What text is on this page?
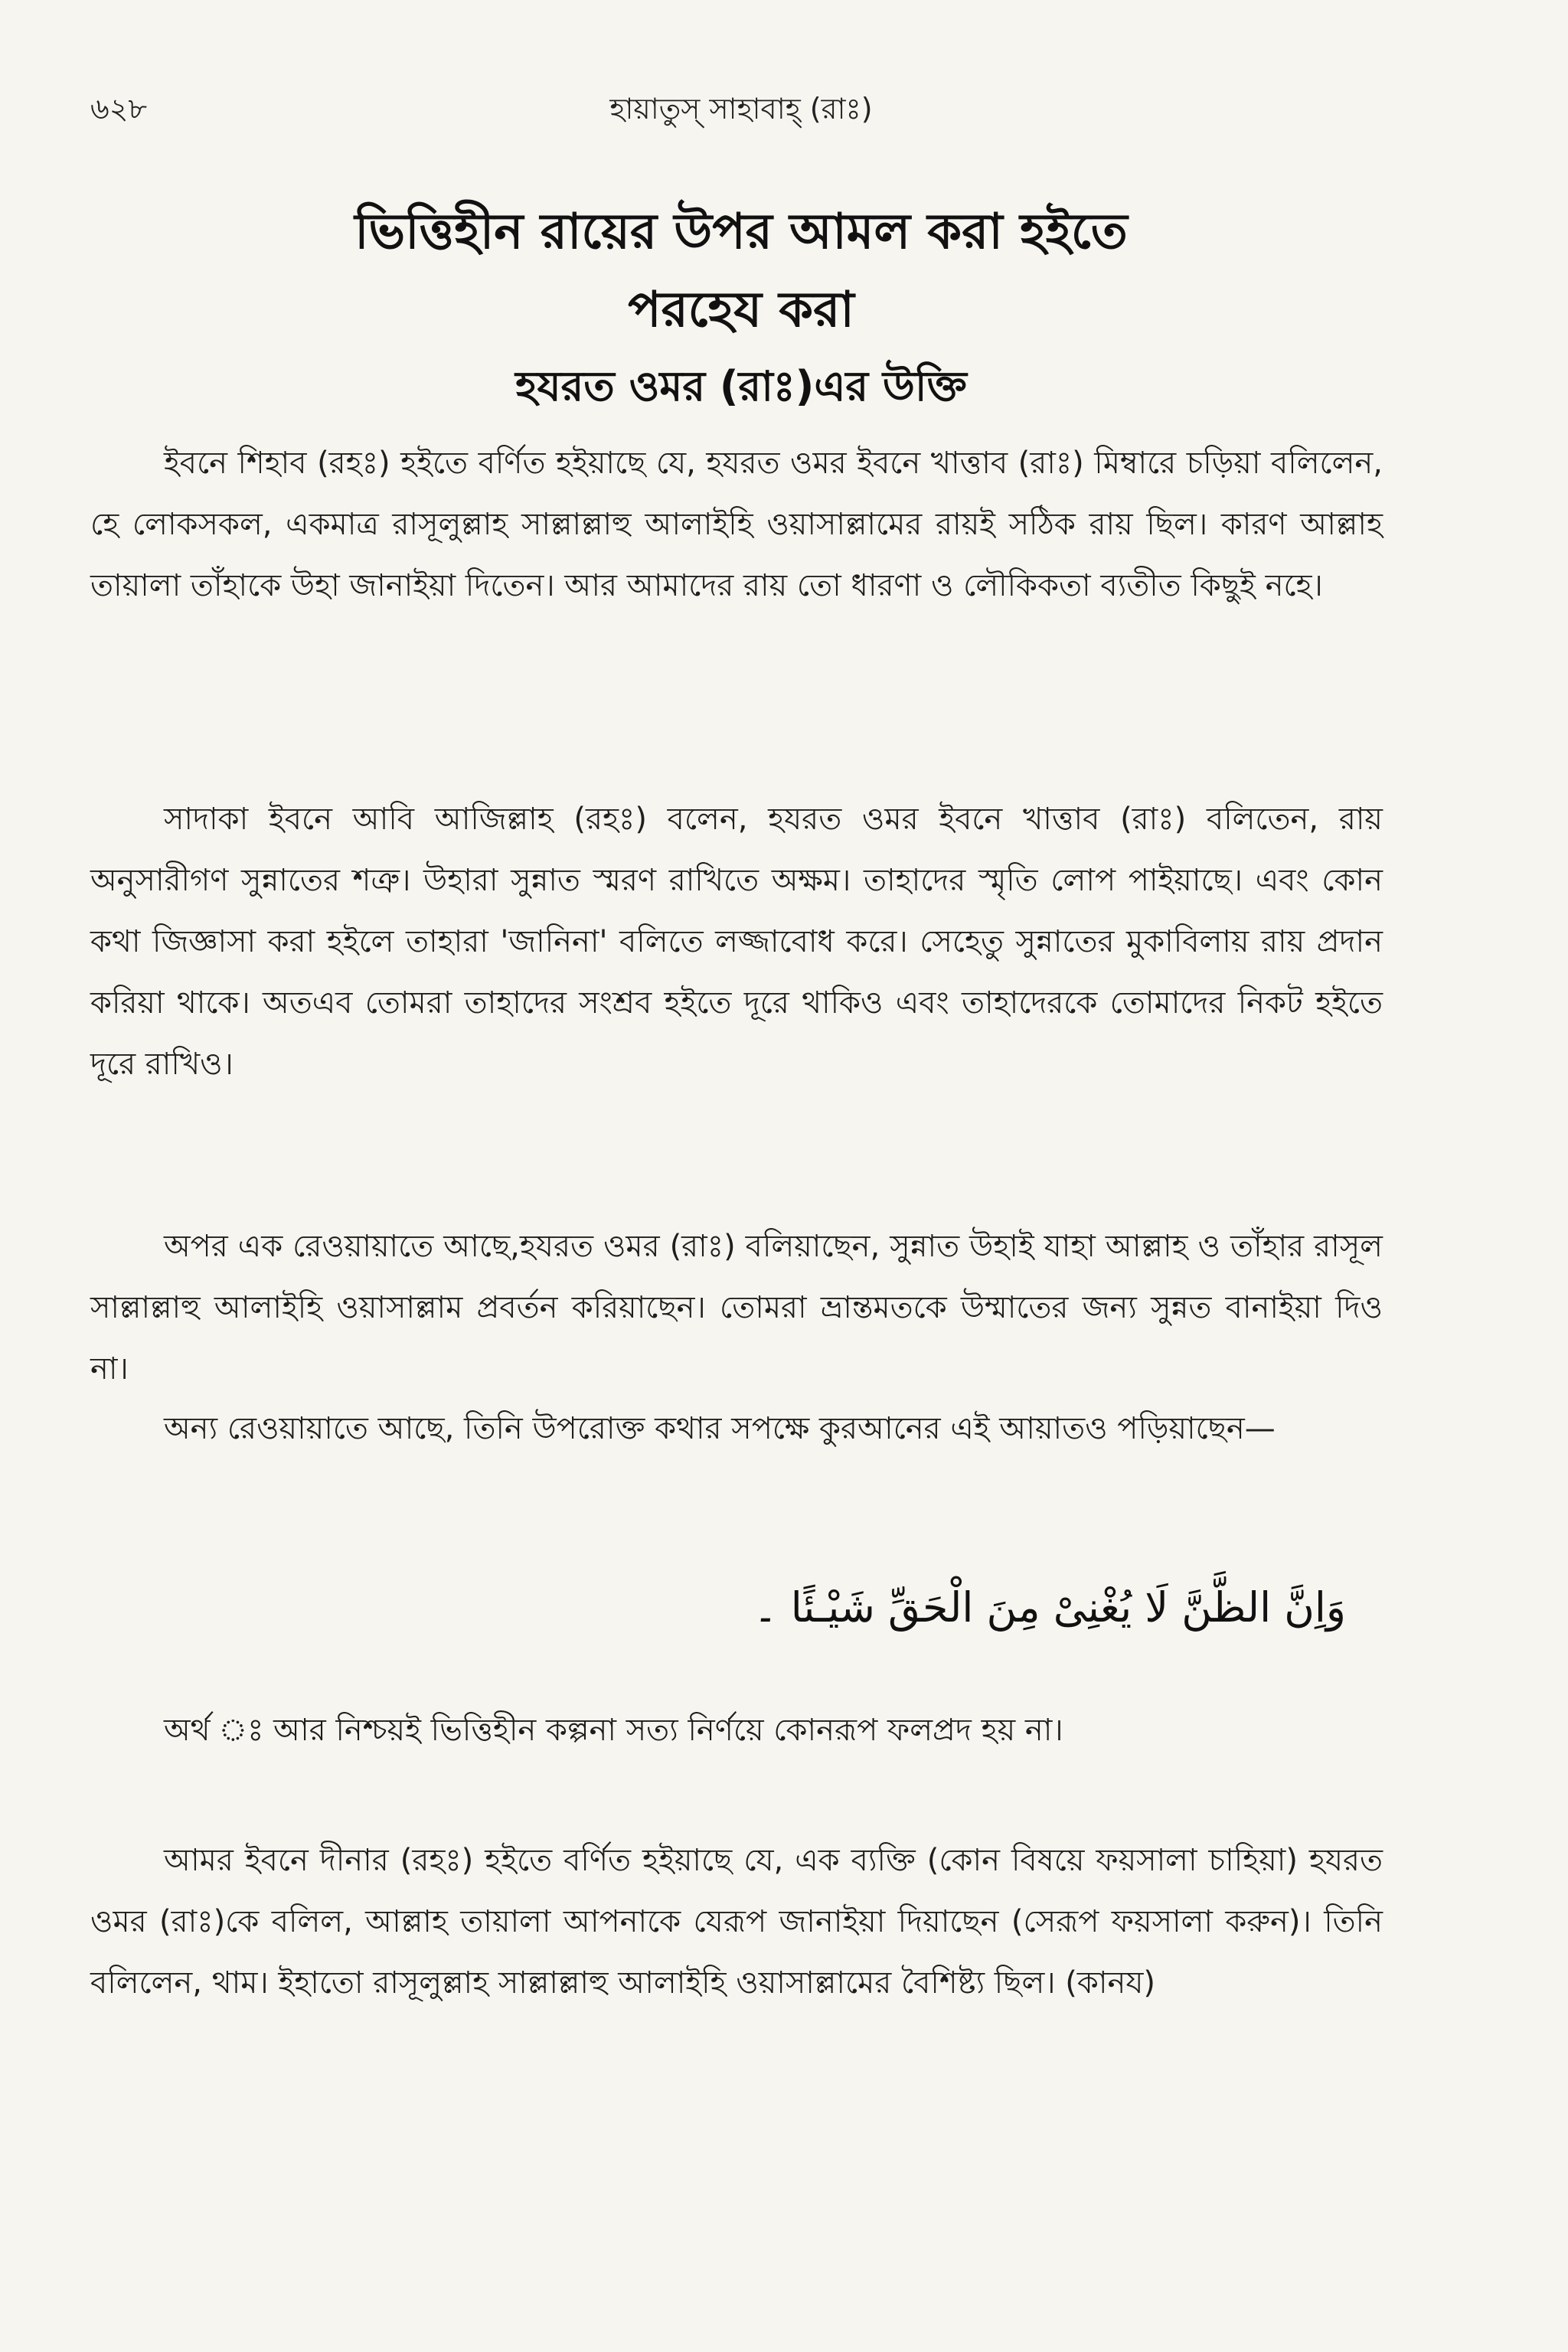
৬২৮	হায়াতুস্ সাহাবাহ্ (রাঃ)
ভিত্তিহীন রায়ের উপর আমল করা হইতে
পরহেয করা
হযরত ওমর (রাঃ)এর উক্তি

ইবনে শিহাব (রহঃ) হইতে বর্ণিত হইয়াছে যে, হযরত ওমর ইবনে খাত্তাব (রাঃ) মিম্বারে চড়িয়া বলিলেন, হে লোকসকল, একমাত্র রাসূলুল্লাহ সাল্লাল্লাহু আলাইহি ওয়াসাল্লামের রায়ই সঠিক রায় ছিল। কারণ আল্লাহ তায়ালা তাঁহাকে উহা জানাইয়া দিতেন। আর আমাদের রায় তো ধারণা ও লৌকিকতা ব্যতীত কিছুই নহে।

সাদাকা ইবনে আবি আজিল্লাহ (রহঃ) বলেন, হযরত ওমর ইবনে খাত্তাব (রাঃ) বলিতেন, রায় অনুসারীগণ সুন্নাতের শত্রু। উহারা সুন্নাত স্মরণ রাখিতে অক্ষম। তাহাদের স্মৃতি লোপ পাইয়াছে। এবং কোন কথা জিজ্ঞাসা করা হইলে তাহারা 'জানিনা' বলিতে লজ্জাবোধ করে। সেহেতু সুন্নাতের মুকাবিলায় রায় প্রদান করিয়া থাকে। অতএব তোমরা তাহাদের সংশ্রব হইতে দূরে থাকিও এবং তাহাদেরকে তোমাদের নিকট হইতে দূরে রাখিও।

অপর এক রেওয়ায়াতে আছে,হযরত ওমর (রাঃ) বলিয়াছেন, সুন্নাত উহাই যাহা আল্লাহ ও তাঁহার রাসূল সাল্লাল্লাহু আলাইহি ওয়াসাল্লাম প্রবর্তন করিয়াছেন। তোমরা ভ্রান্তমতকে উম্মাতের জন্য সুন্নত বানাইয়া দিও না।

অন্য রেওয়ায়াতে আছে, তিনি উপরোক্ত কথার সপক্ষে কুরআনের এই আয়াতও পড়িয়াছেন—

وَاِنَّ الظَّنَّ لَا يُغْنِىْ مِنَ الْحَقِّ شَيْـئًا ۔

অর্থ ঃ আর নিশ্চয়ই ভিত্তিহীন কল্পনা সত্য নির্ণয়ে কোনরূপ ফলপ্রদ হয় না।

আমর ইবনে দীনার (রহঃ) হইতে বর্ণিত হইয়াছে যে, এক ব্যক্তি (কোন বিষয়ে ফয়সালা চাহিয়া) হযরত ওমর (রাঃ)কে বলিল, আল্লাহ তায়ালা আপনাকে যেরূপ জানাইয়া দিয়াছেন (সেরূপ ফয়সালা করুন)। তিনি বলিলেন, থাম। ইহাতো রাসূলুল্লাহ সাল্লাল্লাহু আলাইহি ওয়াসাল্লামের বৈশিষ্ট্য ছিল। (কানয)
